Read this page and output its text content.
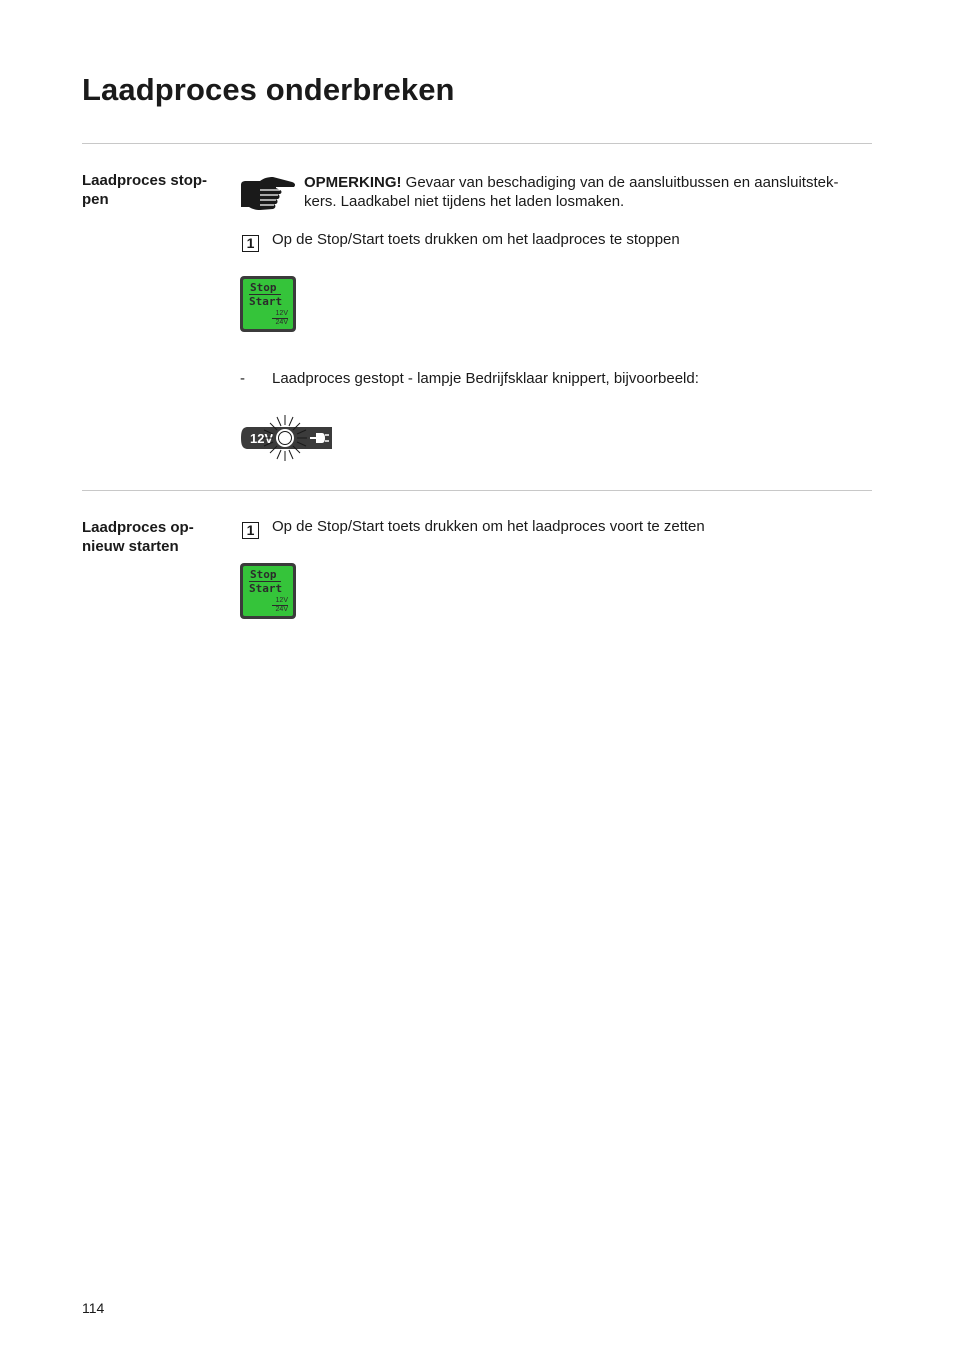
Laadproces onderbreken
Laadproces stop-
pen
OPMERKING! Gevaar van beschadiging van de aansluitbussen en aansluitstek-
kers. Laadkabel niet tijdens het laden losmaken.
1	Op de Stop/Start toets drukken om het laadproces te stoppen
Stop
Start
12V
24V
- Laadproces gestopt - lampje Bedrijfsklaar knippert, bijvoorbeeld:
12V
Laadproces op-
nieuw starten
1	Op de Stop/Start toets drukken om het laadproces voort te zetten
Stop
Start
12V
24V
114
